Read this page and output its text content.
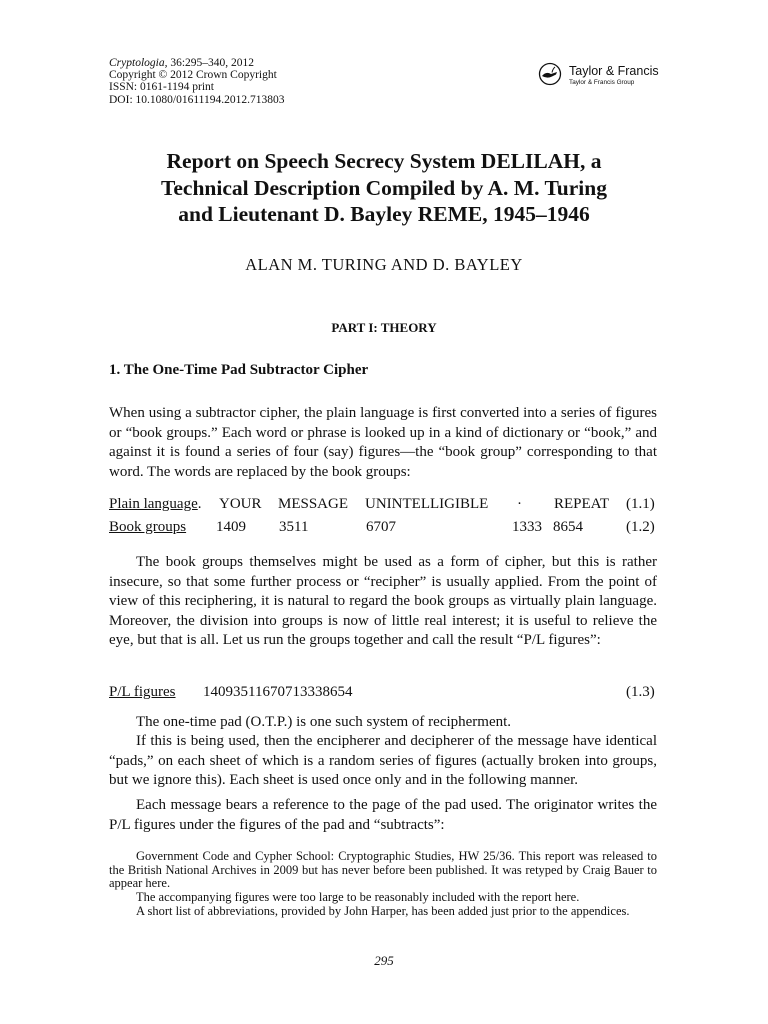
Cryptologia, 36:295–340, 2012
Copyright © 2012 Crown Copyright
ISSN: 0161-1194 print
DOI: 10.1080/01611194.2012.713803
Taylor & Francis
Taylor & Francis Group
Report on Speech Secrecy System DELILAH, a
Technical Description Compiled by A. M. Turing
and Lieutenant D. Bayley REME, 1945–1946
ALAN M. TURING AND D. BAYLEY
PART I: THEORY
1. The One-Time Pad Subtractor Cipher
When using a subtractor cipher, the plain language is first converted into a series of figures or “book groups.” Each word or phrase is looked up in a kind of dictionary or “book,” and against it is found a series of four (say) figures—the “book group” corresponding to that word. The words are replaced by the book groups:
Plain language. YOUR MESSAGE UNINTELLIGIBLE · REPEAT (1.1)
Book groups 1409 3511	6707	1333 8654	(1.2)
The book groups themselves might be used as a form of cipher, but this is rather insecure, so that some further process or “recipher” is usually applied. From the point of view of this reciphering, it is natural to regard the book groups as virtually plain language. Moreover, the division into groups is now of little real interest; it is useful to relieve the eye, but that is all. Let us run the groups together and call the result “P/L figures”:
P/L figures 14093511670713338654	(1.3)
The one-time pad (O.T.P.) is one such system of recipherment.
If this is being used, then the encipherer and decipherer of the message have identical “pads,” on each sheet of which is a random series of figures (actually broken into groups, but we ignore this). Each sheet is used once only and in the following manner.
Each message bears a reference to the page of the pad used. The originator writes the P/L figures under the figures of the pad and “subtracts”:
Government Code and Cypher School: Cryptographic Studies, HW 25/36. This report was released to the British National Archives in 2009 but has never before been published. It was retyped by Craig Bauer to appear here.
The accompanying figures were too large to be reasonably included with the report here.
A short list of abbreviations, provided by John Harper, has been added just prior to the appendices.
295
